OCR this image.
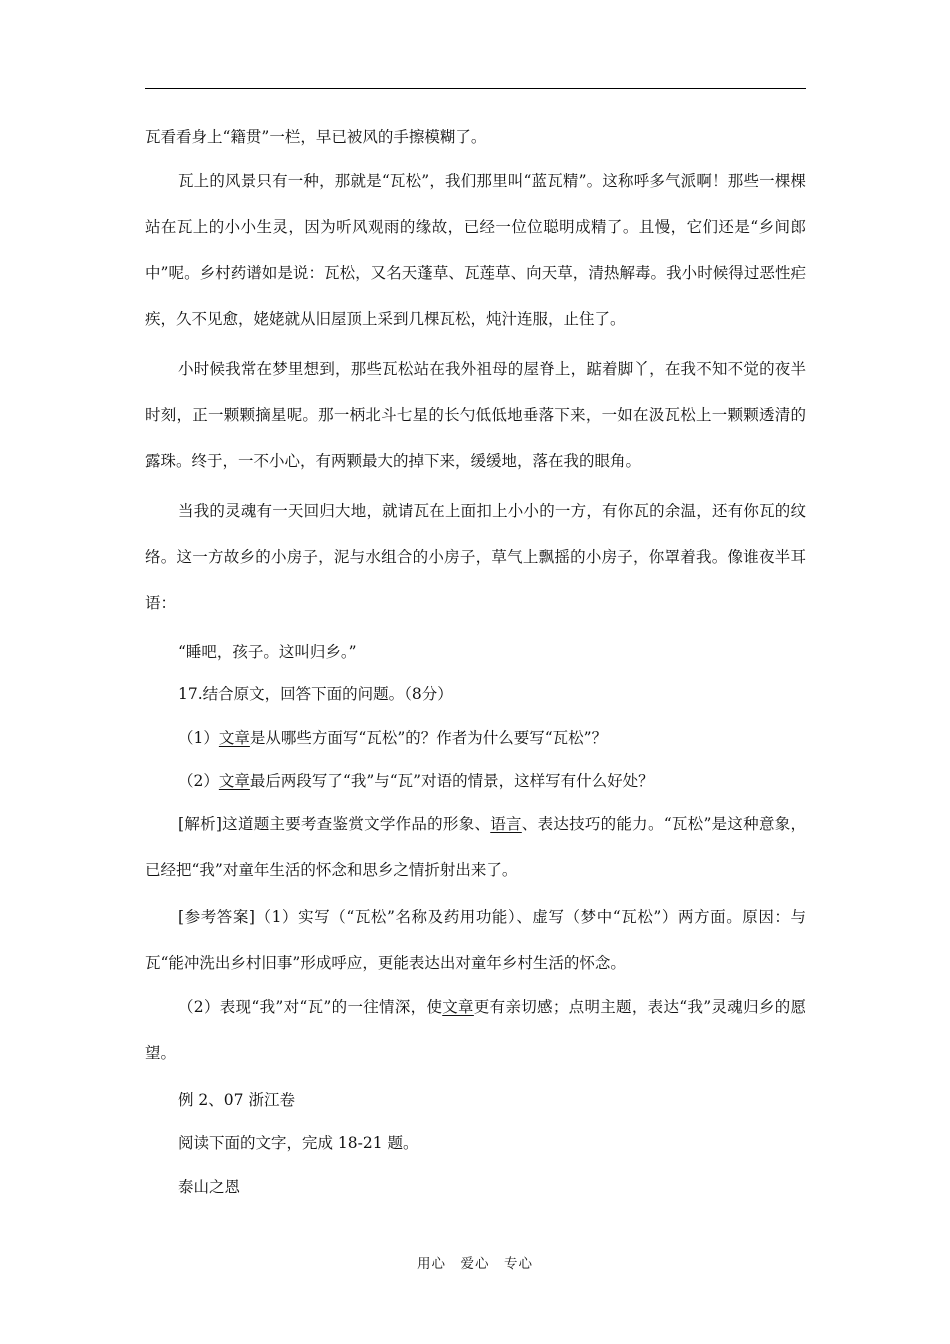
瓦看看身上“籍贯”一栏，早已被风的手擦模糊了。

瓦上的风景只有一种，那就是“瓦松”，我们那里叫“蓝瓦精”。这称呼多气派啊！那些一棵棵站在瓦上的小小生灵，因为听风观雨的缘故，已经一位位聪明成精了。且慢，它们还是“乡间郎中”呢。乡村药谱如是说：瓦松，又名天蓬草、瓦莲草、向天草，清热解毒。我小时候得过恶性疟疾，久不见愈，姥姥就从旧屋顶上采到几棵瓦松，炖汁连服，止住了。

小时候我常在梦里想到，那些瓦松站在我外祖母的屋脊上，踮着脚丫，在我不知不觉的夜半时刻，正一颗颗摘星呢。那一柄北斗七星的长勺低低地垂落下来，一如在汲瓦松上一颗颗透清的露珠。终于，一不小心，有两颗最大的掉下来，缓缓地，落在我的眼角。

当我的灵魂有一天回归大地，就请瓦在上面扣上小小的一方，有你瓦的余温，还有你瓦的纹络。这一方故乡的小房子，泥与水组合的小房子，草气上飘摇的小房子，你罩着我。像谁夜半耳语：

“睡吧，孩子。这叫归乡。”

17.结合原文，回答下面的问题。（8分）

（1）文章是从哪些方面写“瓦松”的？作者为什么要写“瓦松”？

（2）文章最后两段写了“我”与“瓦”对语的情景，这样写有什么好处？

[解析]这道题主要考查鉴赏文学作品的形象、语言、表达技巧的能力。“瓦松”是这种意象，已经把“我”对童年生活的怀念和思乡之情折射出来了。

[参考答案]（1）实写（“瓦松”名称及药用功能）、虚写（梦中“瓦松”）两方面。原因：与瓦“能冲洗出乡村旧事”形成呼应，更能表达出对童年乡村生活的怀念。

（2）表现“我”对“瓦”的一往情深，使文章更有亲切感；点明主题，表达“我”灵魂归乡的愿望。

例 2、07 浙江卷

阅读下面的文字，完成 18-21 题。

泰山之恩

用心　爱心　专心
